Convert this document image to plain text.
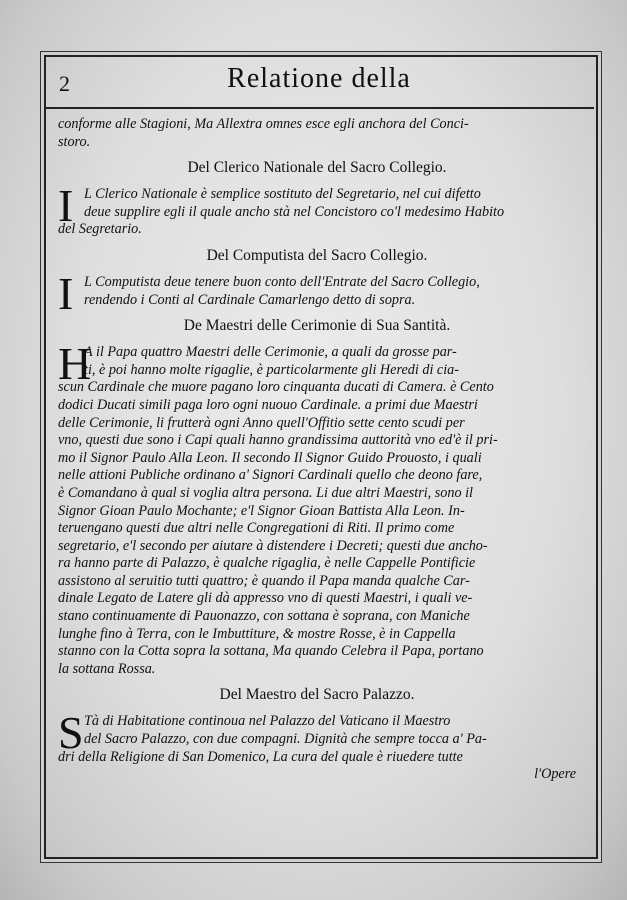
2	Relatione della
conforme alle Stagioni, Ma Allextra omnes esce egli anchora del Conci-
storo.
Del Clerico Nationale del Sacro Collegio.
I L Clerico Nationale è semplice sostituto del Segretario, nel cui difetto
deue supplire egli il quale ancho stà nel Concistoro co'l medesimo Habito
del Segretario.
Del Computista del Sacro Collegio.
I L Computista deue tenere buon conto dell'Entrate del Sacro Collegio,
rendendo i Conti al Cardinale Camarlengo detto di sopra.
De Maestri delle Cerimonie di Sua Santità.
H
A il Papa quattro Maestri delle Cerimonie, a quali da grosse par-
ti, è poi hanno molte rigaglie, è particolarmente gli Heredi di cia-
scun Cardinale che muore pagano loro cinquanta ducati di Camera. è Cento
dodici Ducati simili paga loro ogni nuouo Cardinale. a primi due Maestri
delle Cerimonie, li frutterà ogni Anno quell'Offitio sette cento scudi per
vno, questi due sono i Capi quali hanno grandissima auttorità vno ed'è il pri-
mo il Signor Paulo Alla Leon. Il secondo Il Signor Guido Prouosto, i quali
nelle attioni Publiche ordinano a' Signori Cardinali quello che deono fare,
è Comandano à qual si voglia altra persona. Li due altri Maestri, sono il
Signor Gioan Paulo Mochante; e'l Signor Gioan Battista Alla Leon. In-
teruengano questi due altri nelle Congregationi di Riti. Il primo come
segretario, e'l secondo per aiutare à distendere i Decreti; questi due ancho-
ra hanno parte di Palazzo, è qualche rigaglia, è nelle Cappelle Pontificie
assistono al seruitio tutti quattro; è quando il Papa manda qualche Car-
dinale Legato de Latere gli dà appresso vno di questi Maestri, i quali ve-
stano continuamente di Pauonazzo, con sottana è soprana, con Maniche
lunghe fino à Terra, con le Imbuttiture, & mostre Rosse, è in Cappella
stanno con la Cotta sopra la sottana, Ma quando Celebra il Papa, portano
la sottana Rossa.
Del Maestro del Sacro Palazzo.
S Tà di Habitatione continoua nel Palazzo del Vaticano il Maestro
del Sacro Palazzo, con due compagni. Dignità che sempre tocca a' Pa-
dri della Religione di San Domenico, La cura del quale è riuedere tutte
l'Opere
